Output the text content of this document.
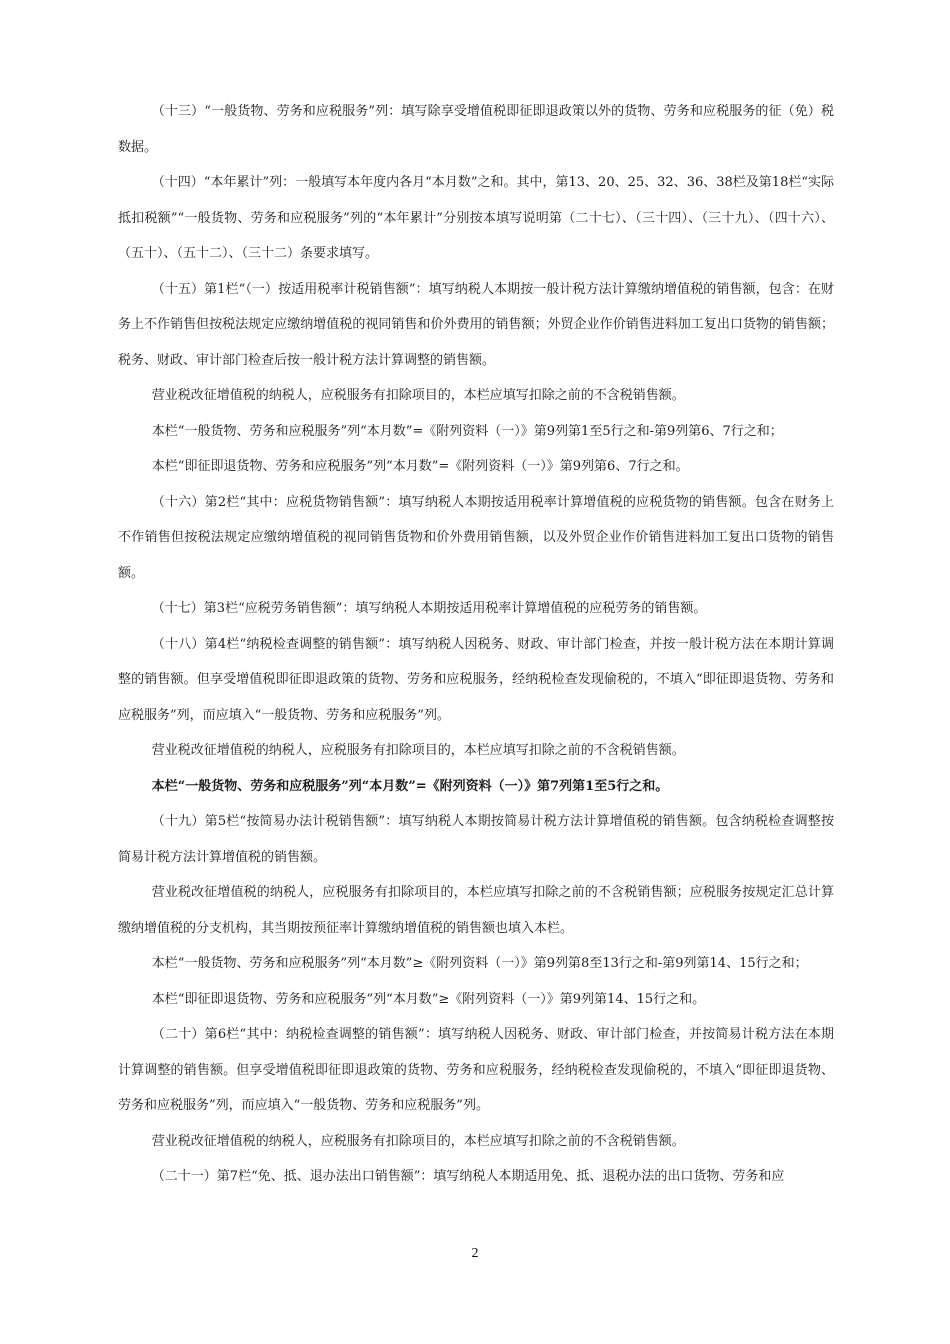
（十三）“一般货物、劳务和应税服务”列：填写除享受增值税即征即退政策以外的货物、劳务和应税服务的征（免）税数据。

（十四）“本年累计”列：一般填写本年度内各月“本月数”之和。其中，第13、20、25、32、36、38栏及第18栏“实际抵扣税额”“一般货物、劳务和应税服务”列的“本年累计”分别按本填写说明第（二十七）、（三十四）、（三十九）、（四十六）、（五十）、（五十二）、（三十二）条要求填写。

（十五）第1栏“（一）按适用税率计税销售额”：填写纳税人本期按一般计税方法计算缴纳增值税的销售额，包含：在财务上不作销售但按税法规定应缴纳增值税的视同销售和价外费用的销售额；外贸企业作价销售进料加工复出口货物的销售额；税务、财政、审计部门检查后按一般计税方法计算调整的销售额。

营业税改征增值税的纳税人，应税服务有扣除项目的，本栏应填写扣除之前的不含税销售额。

本栏“一般货物、劳务和应税服务”列“本月数”=《附列资料（一）》第9列第1至5行之和-第9列第6、7行之和；

本栏“即征即退货物、劳务和应税服务”列“本月数”=《附列资料（一）》第9列第6、7行之和。

（十六）第2栏“其中：应税货物销售额”：填写纳税人本期按适用税率计算增值税的应税货物的销售额。包含在财务上不作销售但按税法规定应缴纳增值税的视同销售货物和价外费用销售额，以及外贸企业作价销售进料加工复出口货物的销售额。

（十七）第3栏“应税劳务销售额”：填写纳税人本期按适用税率计算增值税的应税劳务的销售额。

（十八）第4栏“纳税检查调整的销售额”：填写纳税人因税务、财政、审计部门检查，并按一般计税方法在本期计算调整的销售额。但享受增值税即征即退政策的货物、劳务和应税服务，经纳税检查发现偷税的，不填入“即征即退货物、劳务和应税服务”列，而应填入“一般货物、劳务和应税服务”列。

营业税改征增值税的纳税人，应税服务有扣除项目的，本栏应填写扣除之前的不含税销售额。

本栏“一般货物、劳务和应税服务”列“本月数”=《附列资料（一）》第7列第1至5行之和。

（十九）第5栏“按简易办法计税销售额”：填写纳税人本期按简易计税方法计算增值税的销售额。包含纳税检查调整按简易计税方法计算增值税的销售额。

营业税改征增值税的纳税人，应税服务有扣除项目的，本栏应填写扣除之前的不含税销售额；应税服务按规定汇总计算缴纳增值税的分支机构，其当期按预征率计算缴纳增值税的销售额也填入本栏。

本栏“一般货物、劳务和应税服务”列“本月数”≥《附列资料（一）》第9列第8至13行之和-第9列第14、15行之和；

本栏“即征即退货物、劳务和应税服务”列“本月数”≥《附列资料（一）》第9列第14、15行之和。

（二十）第6栏“其中：纳税检查调整的销售额”：填写纳税人因税务、财政、审计部门检查，并按简易计税方法在本期计算调整的销售额。但享受增值税即征即退政策的货物、劳务和应税服务，经纳税检查发现偷税的，不填入“即征即退货物、劳务和应税服务”列，而应填入“一般货物、劳务和应税服务”列。

营业税改征增值税的纳税人，应税服务有扣除项目的，本栏应填写扣除之前的不含税销售额。

（二十一）第7栏“免、抵、退办法出口销售额”：填写纳税人本期适用免、抵、退税办法的出口货物、劳务和应

2
